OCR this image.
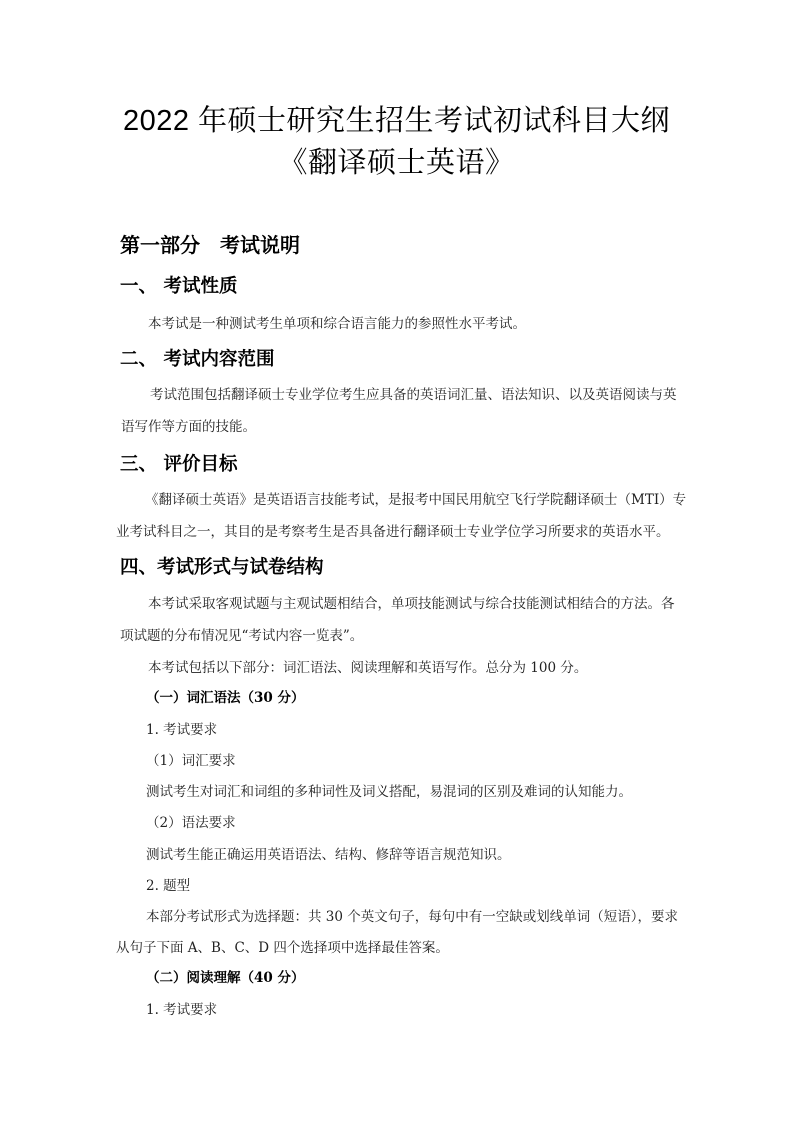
2022 年硕士研究生招生考试初试科目大纲
《翻译硕士英语》
第一部分　考试说明
一、 考试性质
本考试是一种测试考生单项和综合语言能力的参照性水平考试。
二、 考试内容范围
考试范围包括翻译硕士专业学位考生应具备的英语词汇量、语法知识、以及英语阅读与英
语写作等方面的技能。
三、 评价目标
《翻译硕士英语》是英语语言技能考试，是报考中国民用航空飞行学院翻译硕士（MTI）专
业考试科目之一，其目的是考察考生是否具备进行翻译硕士专业学位学习所要求的英语水平。
四、考试形式与试卷结构
本考试采取客观试题与主观试题相结合，单项技能测试与综合技能测试相结合的方法。各
项试题的分布情况见“考试内容一览表”。
本考试包括以下部分：词汇语法、阅读理解和英语写作。总分为 100 分。
（一）词汇语法（30 分）
1. 考试要求
（1）词汇要求
测试考生对词汇和词组的多种词性及词义搭配，易混词的区别及难词的认知能力。
（2）语法要求
测试考生能正确运用英语语法、结构、修辞等语言规范知识。
2. 题型
本部分考试形式为选择题：共 30 个英文句子，每句中有一空缺或划线单词（短语），要求
从句子下面 A、B、C、D 四个选择项中选择最佳答案。
（二）阅读理解（40 分）
1. 考试要求
